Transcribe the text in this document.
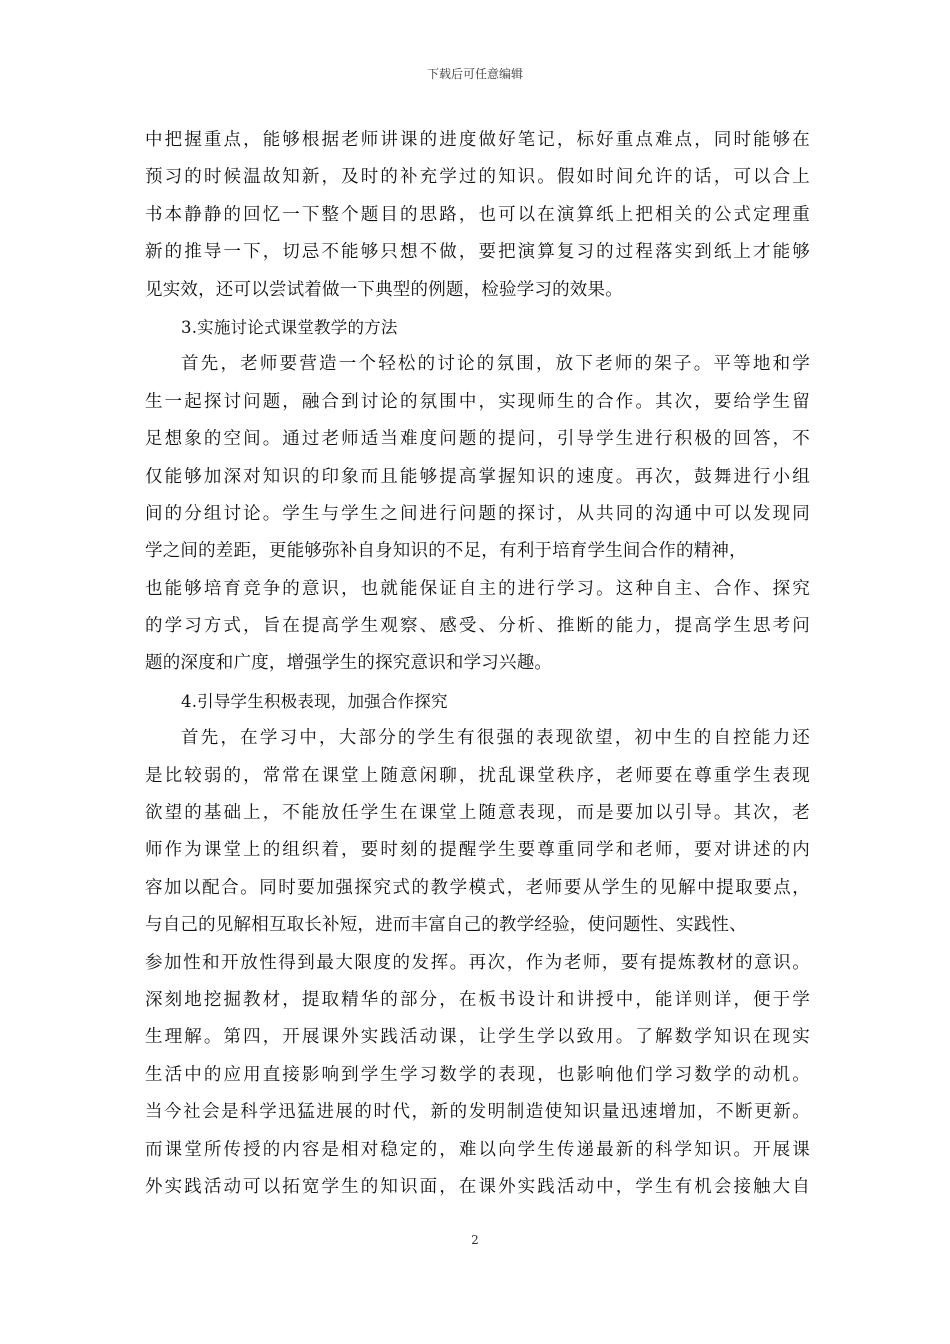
下载后可任意编辑
中把握重点，能够根据老师讲课的进度做好笔记，标好重点难点，同时能够在
预习的时候温故知新，及时的补充学过的知识。假如时间允许的话，可以合上
书本静静的回忆一下整个题目的思路，也可以在演算纸上把相关的公式定理重
新的推导一下，切忌不能够只想不做，要把演算复习的过程落实到纸上才能够
见实效，还可以尝试着做一下典型的例题，检验学习的效果。
3.实施讨论式课堂教学的方法
首先，老师要营造一个轻松的讨论的氛围，放下老师的架子。平等地和学
生一起探讨问题，融合到讨论的氛围中，实现师生的合作。其次，要给学生留
足想象的空间。通过老师适当难度问题的提问，引导学生进行积极的回答，不
仅能够加深对知识的印象而且能够提高掌握知识的速度。再次，鼓舞进行小组
间的分组讨论。学生与学生之间进行问题的探讨，从共同的沟通中可以发现同
学之间的差距，更能够弥补自身知识的不足，有利于培育学生间合作的精神，
也能够培育竞争的意识，也就能保证自主的进行学习。这种自主、合作、探究
的学习方式，旨在提高学生观察、感受、分析、推断的能力，提高学生思考问
题的深度和广度，增强学生的探究意识和学习兴趣。
4.引导学生积极表现，加强合作探究
首先，在学习中，大部分的学生有很强的表现欲望，初中生的自控能力还
是比较弱的，常常在课堂上随意闲聊，扰乱课堂秩序，老师要在尊重学生表现
欲望的基础上，不能放任学生在课堂上随意表现，而是要加以引导。其次，老
师作为课堂上的组织着，要时刻的提醒学生要尊重同学和老师，要对讲述的内
容加以配合。同时要加强探究式的教学模式，老师要从学生的见解中提取要点，
与自己的见解相互取长补短，进而丰富自己的教学经验，使问题性、实践性、
参加性和开放性得到最大限度的发挥。再次，作为老师，要有提炼教材的意识。
深刻地挖掘教材，提取精华的部分，在板书设计和讲授中，能详则详，便于学
生理解。第四，开展课外实践活动课，让学生学以致用。了解数学知识在现实
生活中的应用直接影响到学生学习数学的表现，也影响他们学习数学的动机。
当今社会是科学迅猛进展的时代，新的发明制造使知识量迅速增加，不断更新。
而课堂所传授的内容是相对稳定的，难以向学生传递最新的科学知识。开展课
外实践活动可以拓宽学生的知识面，在课外实践活动中，学生有机会接触大自
2
